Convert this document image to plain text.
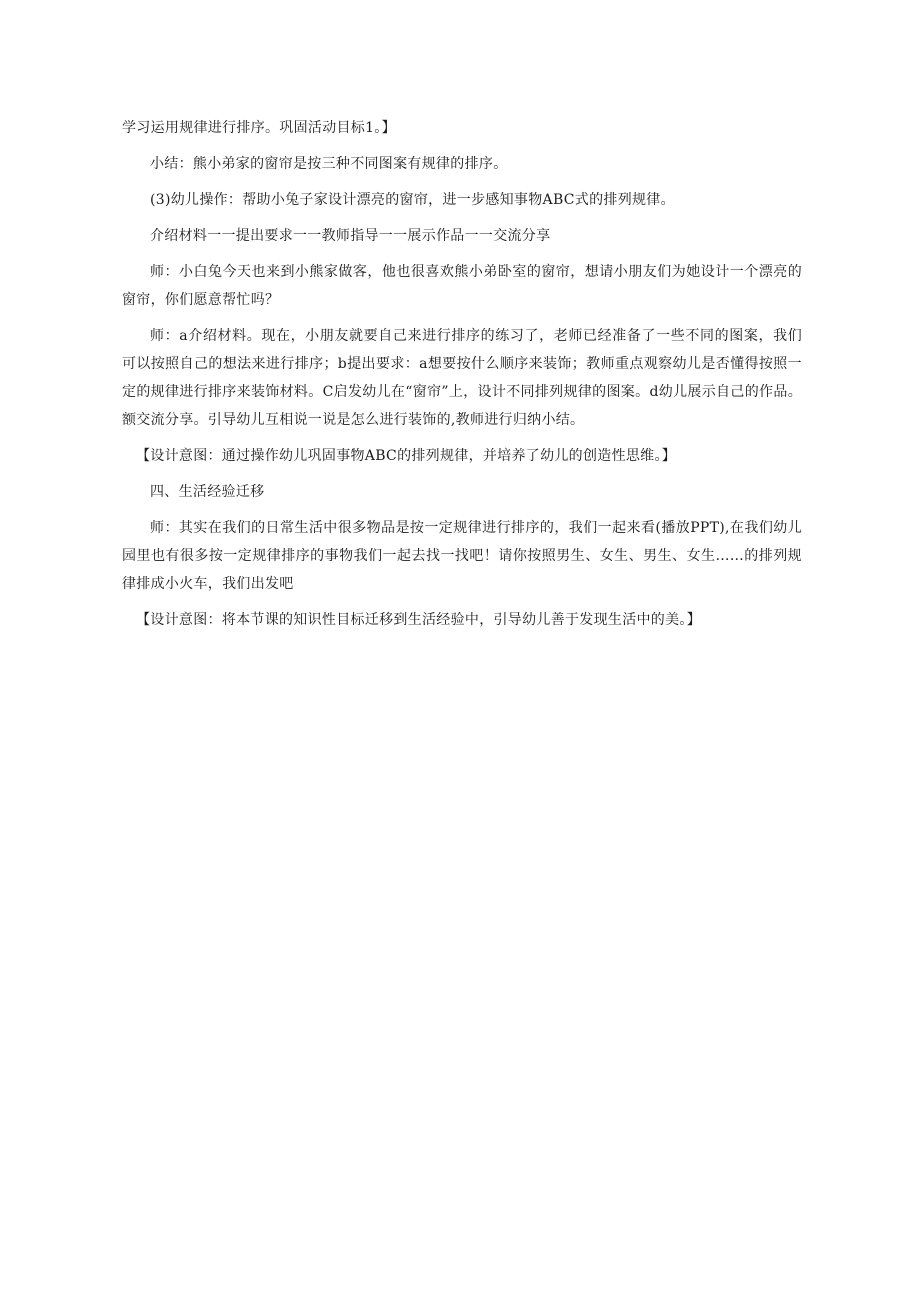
学习运用规律进行排序。巩固活动目标1。】

小结：熊小弟家的窗帘是按三种不同图案有规律的排序。

(3)幼儿操作：帮助小兔子家设计漂亮的窗帘，进一步感知事物ABC式的排列规律。

介绍材料一一提出要求一一教师指导一一展示作品一一交流分享

师：小白兔今天也来到小熊家做客，他也很喜欢熊小弟卧室的窗帘，想请小朋友们为她设计一个漂亮的窗帘，你们愿意帮忙吗？

师：a介绍材料。现在，小朋友就要自己来进行排序的练习了，老师已经准备了一些不同的图案，我们可以按照自己的想法来进行排序；b提出要求：a想要按什么顺序来装饰；教师重点观察幼儿是否懂得按照一定的规律进行排序来装饰材料。C启发幼儿在“窗帘”上，设计不同排列规律的图案。d幼儿展示自己的作品。额交流分享。引导幼儿互相说一说是怎么进行装饰的,教师进行归纳小结。

【设计意图：通过操作幼儿巩固事物ABC的排列规律，并培养了幼儿的创造性思维。】

四、生活经验迁移

师：其实在我们的日常生活中很多物品是按一定规律进行排序的，我们一起来看(播放PPT),在我们幼儿园里也有很多按一定规律排序的事物我们一起去找一找吧！请你按照男生、女生、男生、女生……的排列规律排成小火车，我们出发吧

【设计意图：将本节课的知识性目标迁移到生活经验中，引导幼儿善于发现生活中的美。】
